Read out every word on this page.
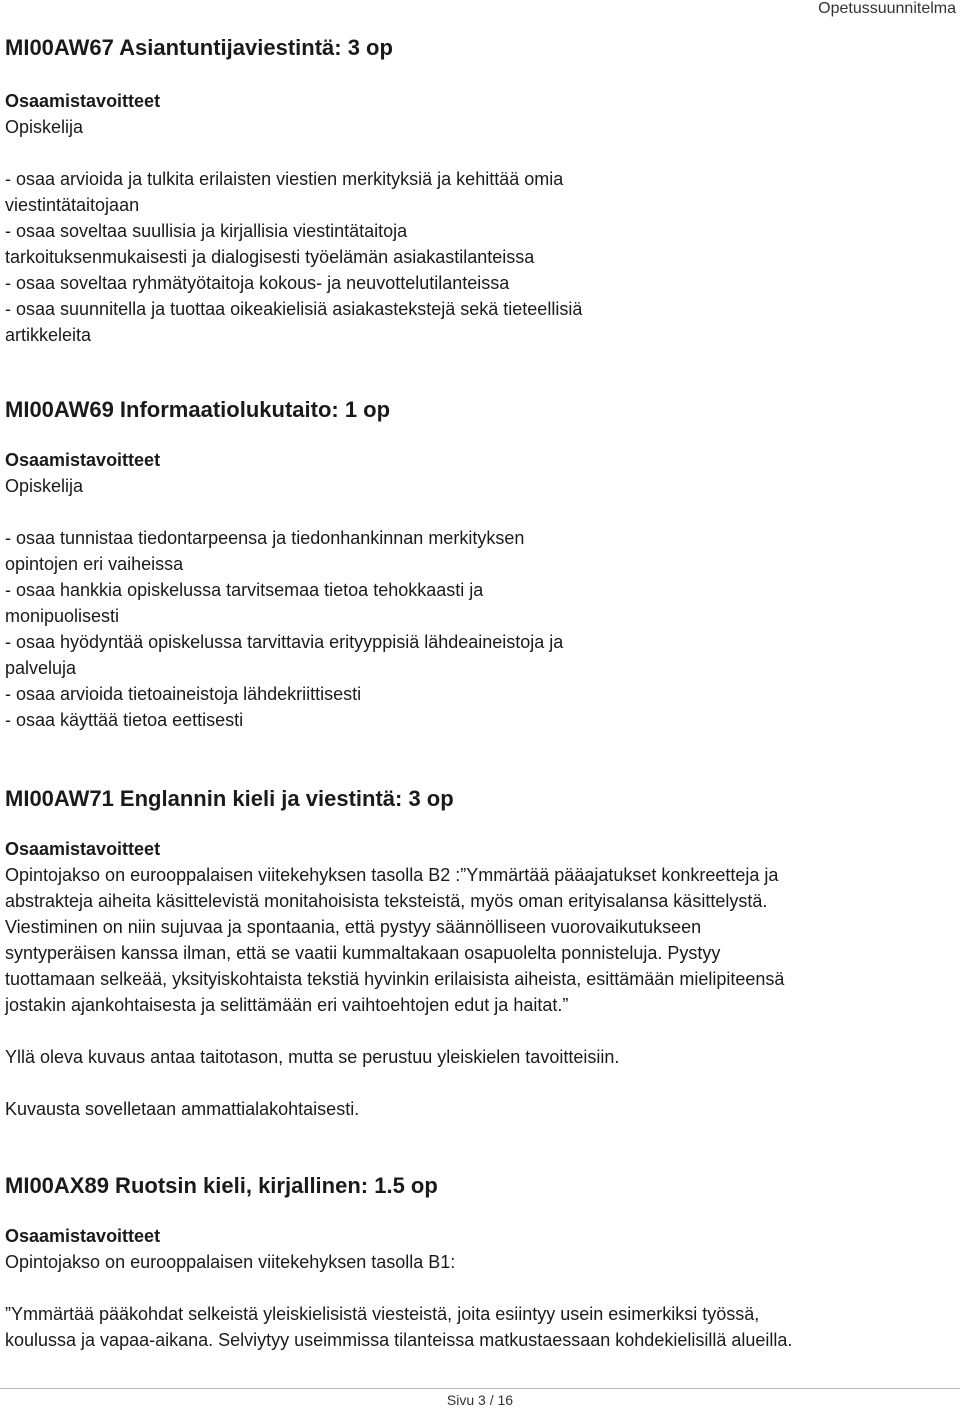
Opetussuunnitelma
MI00AW67 Asiantuntijaviestintä: 3 op

Osaamistavoitteet

Opiskelija

- osaa arvioida ja tulkita erilaisten viestien merkityksiä ja kehittää omia

viestintätaitojaan

- osaa soveltaa suullisia ja kirjallisia viestintätaitoja

tarkoituksenmukaisesti ja dialogisesti työelämän asiakastilanteissa

- osaa soveltaa ryhmätyötaitoja kokous- ja neuvottelutilanteissa

- osaa suunnitella ja tuottaa oikeakielisiä asiakastekstejä sekä tieteellisiä

artikkeleita

MI00AW69 Informaatiolukutaito: 1 op

Osaamistavoitteet

Opiskelija

- osaa tunnistaa tiedontarpeensa ja tiedonhankinnan merkityksen

opintojen eri vaiheissa

- osaa hankkia opiskelussa tarvitsemaa tietoa tehokkaasti ja

monipuolisesti

- osaa hyödyntää opiskelussa tarvittavia erityyppisiä lähdeaineistoja ja

palveluja

- osaa arvioida tietoaineistoja lähdekriittisesti

- osaa käyttää tietoa eettisesti

MI00AW71 Englannin kieli ja viestintä: 3 op

Osaamistavoitteet

Opintojakso on eurooppalaisen viitekehyksen tasolla B2 :”Ymmärtää pääajatukset konkreetteja ja

abstrakteja aiheita käsittelevistä monitahoisista teksteistä, myös oman erityisalansa käsittelystä.

Viestiminen on niin sujuvaa ja spontaania, että pystyy säännölliseen vuorovaikutukseen

syntyperäisen kanssa ilman, että se vaatii kummaltakaan osapuolelta ponnisteluja. Pystyy

tuottamaan selkeää, yksityiskohtaista tekstiä hyvinkin erilaisista aiheista, esittämään mielipiteensä

jostakin ajankohtaisesta ja selittämään eri vaihtoehtojen edut ja haitat.”

Yllä oleva kuvaus antaa taitotason, mutta se perustuu yleiskielen tavoitteisiin.

Kuvausta sovelletaan ammattialakohtaisesti.

MI00AX89 Ruotsin kieli, kirjallinen: 1.5 op

Osaamistavoitteet

Opintojakso on eurooppalaisen viitekehyksen tasolla B1:

”Ymmärtää pääkohdat selkeistä yleiskielisistä viesteistä, joita esiintyy usein esimerkiksi työssä,

koulussa ja vapaa-aikana. Selviytyy useimmissa tilanteissa matkustaessaan kohdekielisillä alueilla.

Sivu 3 / 16
